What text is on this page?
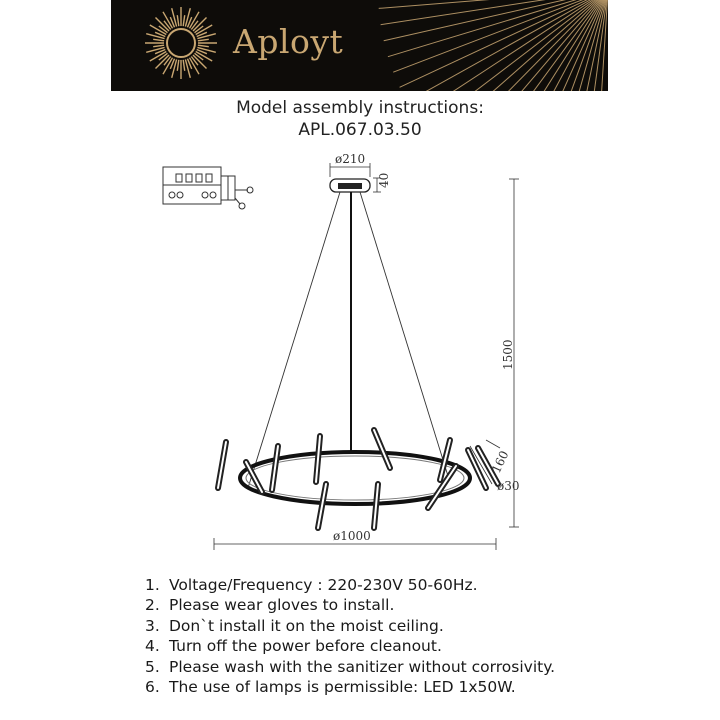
Aployt
Model assembly instructions:
APL.067.03.50
ø210
40
1500
160
ø30
ø1000
1. Voltage/Frequency : 220-230V 50-60Hz.
2. Please wear gloves to install.
3. Don`t install it on the moist ceiling.
4. Turn off the power before cleanout.
5. Please wash with the sanitizer without corrosivity.
6. The use of lamps is permissible: LED 1x50W.
